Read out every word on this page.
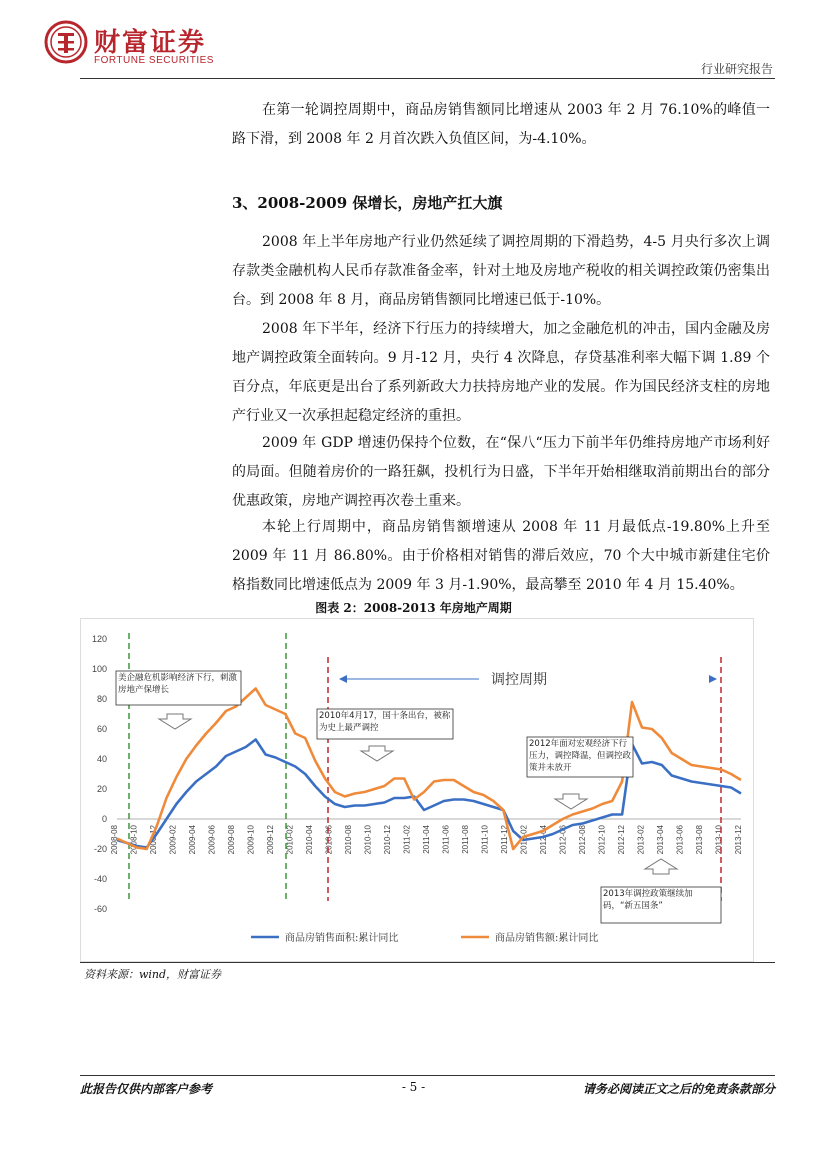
财富证券
FORTUNE SECURITIES
行业研究报告

在第一轮调控周期中，商品房销售额同比增速从 2003 年 2 月 76.10%的峰值一路下滑，到 2008 年 2 月首次跌入负值区间，为-4.10%。

3、2008-2009 保增长，房地产扛大旗

2008 年上半年房地产行业仍然延续了调控周期的下滑趋势，4-5 月央行多次上调存款类金融机构人民币存款准备金率，针对土地及房地产税收的相关调控政策仍密集出台。到 2008 年 8 月，商品房销售额同比增速已低于-10%。

2008 年下半年，经济下行压力的持续增大，加之金融危机的冲击，国内金融及房地产调控政策全面转向。9 月-12 月，央行 4 次降息，存贷基准利率大幅下调 1.89 个百分点，年底更是出台了系列新政大力扶持房地产业的发展。作为国民经济支柱的房地产行业又一次承担起稳定经济的重担。

2009 年 GDP 增速仍保持个位数，在“保八“压力下前半年仍维持房地产市场利好的局面。但随着房价的一路狂飙，投机行为日盛，下半年开始相继取消前期出台的部分优惠政策，房地产调控再次卷土重来。

本轮上行周期中，商品房销售额增速从 2008 年 11 月最低点-19.80%上升至 2009 年 11 月 86.80%。由于价格相对销售的滞后效应，70 个大中城市新建住宅价格指数同比增速低点为 2009 年 3 月-1.90%，最高攀至 2010 年 4 月 15.40%。

图表 2：2008-2013 年房地产周期
120
100
80
60
40
20
0
-20
-40
-60
2008-08 2008-10 2008-12 2009-02 2009-04 2009-06 2009-08 2009-10 2009-12 2010-02 2010-04 2010-06 2010-08 2010-10 2010-12 2011-02 2011-04 2011-06 2011-08 2011-10 2011-12 2012-02 2012-04 2012-06 2012-08 2012-10 2012-12 2013-02 2013-04 2013-06 2013-08 2013-10 2013-12
调控周期
美企融危机影响经济下行，刺激房地产保增长
2010年4月17，国十条出台，被称为史上最严调控
2012年面对宏观经济下行压力，调控降温，但调控政策并未放开
2013年调控政策继续加码，“新五国条”
商品房销售面积:累计同比	商品房销售额:累计同比
资料来源：wind，财富证券
此报告仅供内部客户参考	- 5 -	请务必阅读正文之后的免责条款部分
